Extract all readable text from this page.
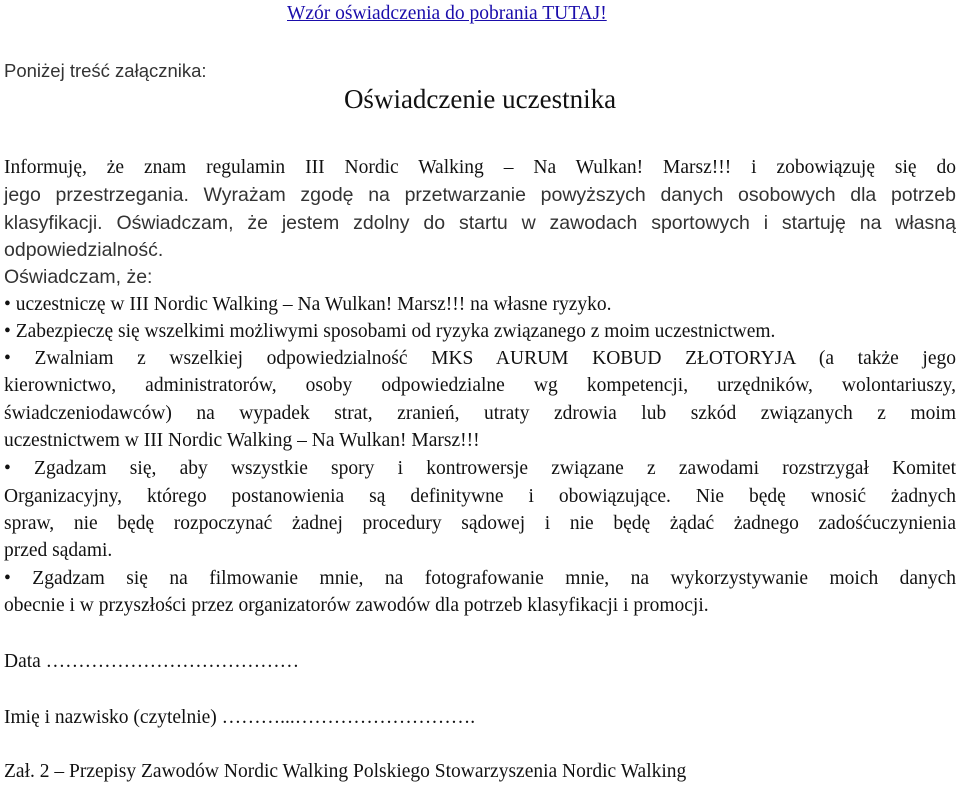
Wzór oświadczenia do pobrania TUTAJ!
Poniżej treść załącznika:
Oświadczenie uczestnika
Informuję, że znam regulamin III Nordic Walking – Na Wulkan! Marsz!!! i zobowiązuję się do
jego przestrzegania. Wyrażam zgodę na przetwarzanie powyższych danych osobowych dla potrzeb
klasyfikacji. Oświadczam, że jestem zdolny do startu w zawodach sportowych i startuję na własną
odpowiedzialność.
Oświadczam, że:
• uczestniczę w III Nordic Walking – Na Wulkan! Marsz!!! na własne ryzyko.
• Zabezpieczę się wszelkimi możliwymi sposobami od ryzyka związanego z moim uczestnictwem.
• Zwalniam z wszelkiej odpowiedzialność MKS AURUM KOBUD ZŁOTORYJA (a także jego
kierownictwo, administratorów, osoby odpowiedzialne wg kompetencji, urzędników, wolontariuszy,
świadczeniodawców) na wypadek strat, zranień, utraty zdrowia lub szkód związanych z moim
uczestnictwem w III Nordic Walking – Na Wulkan! Marsz!!!
• Zgadzam się, aby wszystkie spory i kontrowersje związane z zawodami rozstrzygał Komitet
Organizacyjny, którego postanowienia są definitywne i obowiązujące. Nie będę wnosić żadnych
spraw, nie będę rozpoczynać żadnej procedury sądowej i nie będę żądać żadnego zadośćuczynienia
przed sądami.
• Zgadzam się na filmowanie mnie, na fotografowanie mnie, na wykorzystywanie moich danych
obecnie i w przyszłości przez organizatorów zawodów dla potrzeb klasyfikacji i promocji.
Data …………………………………
Imię i nazwisko (czytelnie) ………...……………………….
Zał. 2 – Przepisy Zawodów Nordic Walking Polskiego Stowarzyszenia Nordic Walking
